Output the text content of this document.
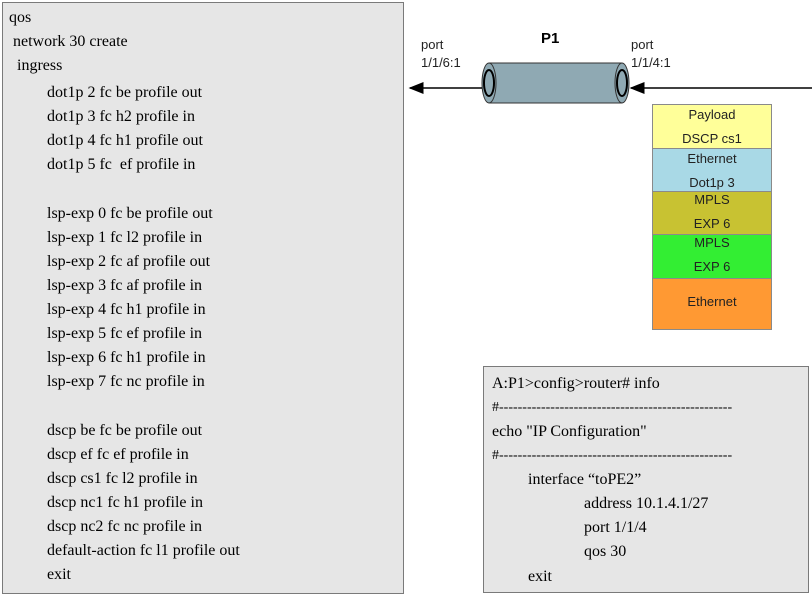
qos
network 30 create
ingress
dot1p 2 fc be profile out
dot1p 3 fc h2 profile in
dot1p 4 fc h1 profile out
dot1p 5 fc  ef profile in
lsp-exp 0 fc be profile out
lsp-exp 1 fc l2 profile in
lsp-exp 2 fc af profile out
lsp-exp 3 fc af profile in
lsp-exp 4 fc h1 profile in
lsp-exp 5 fc ef profile in
lsp-exp 6 fc h1 profile in
lsp-exp 7 fc nc profile in
dscp be fc be profile out
dscp ef fc ef profile in
dscp cs1 fc l2 profile in
dscp nc1 fc h1 profile in
dscp nc2 fc nc profile in
default-action fc l1 profile out
exit
P1
port
1/1/6:1
port
1/1/4:1
Payload
DSCP cs1
Ethernet
Dot1p 3
MPLS
EXP 6
MPLS
EXP 6
Ethernet
A:P1>config>router# info
#--------------------------------------------------
echo "IP Configuration"
#--------------------------------------------------
interface “toPE2”
address 10.1.4.1/27
port 1/1/4
qos 30
exit
